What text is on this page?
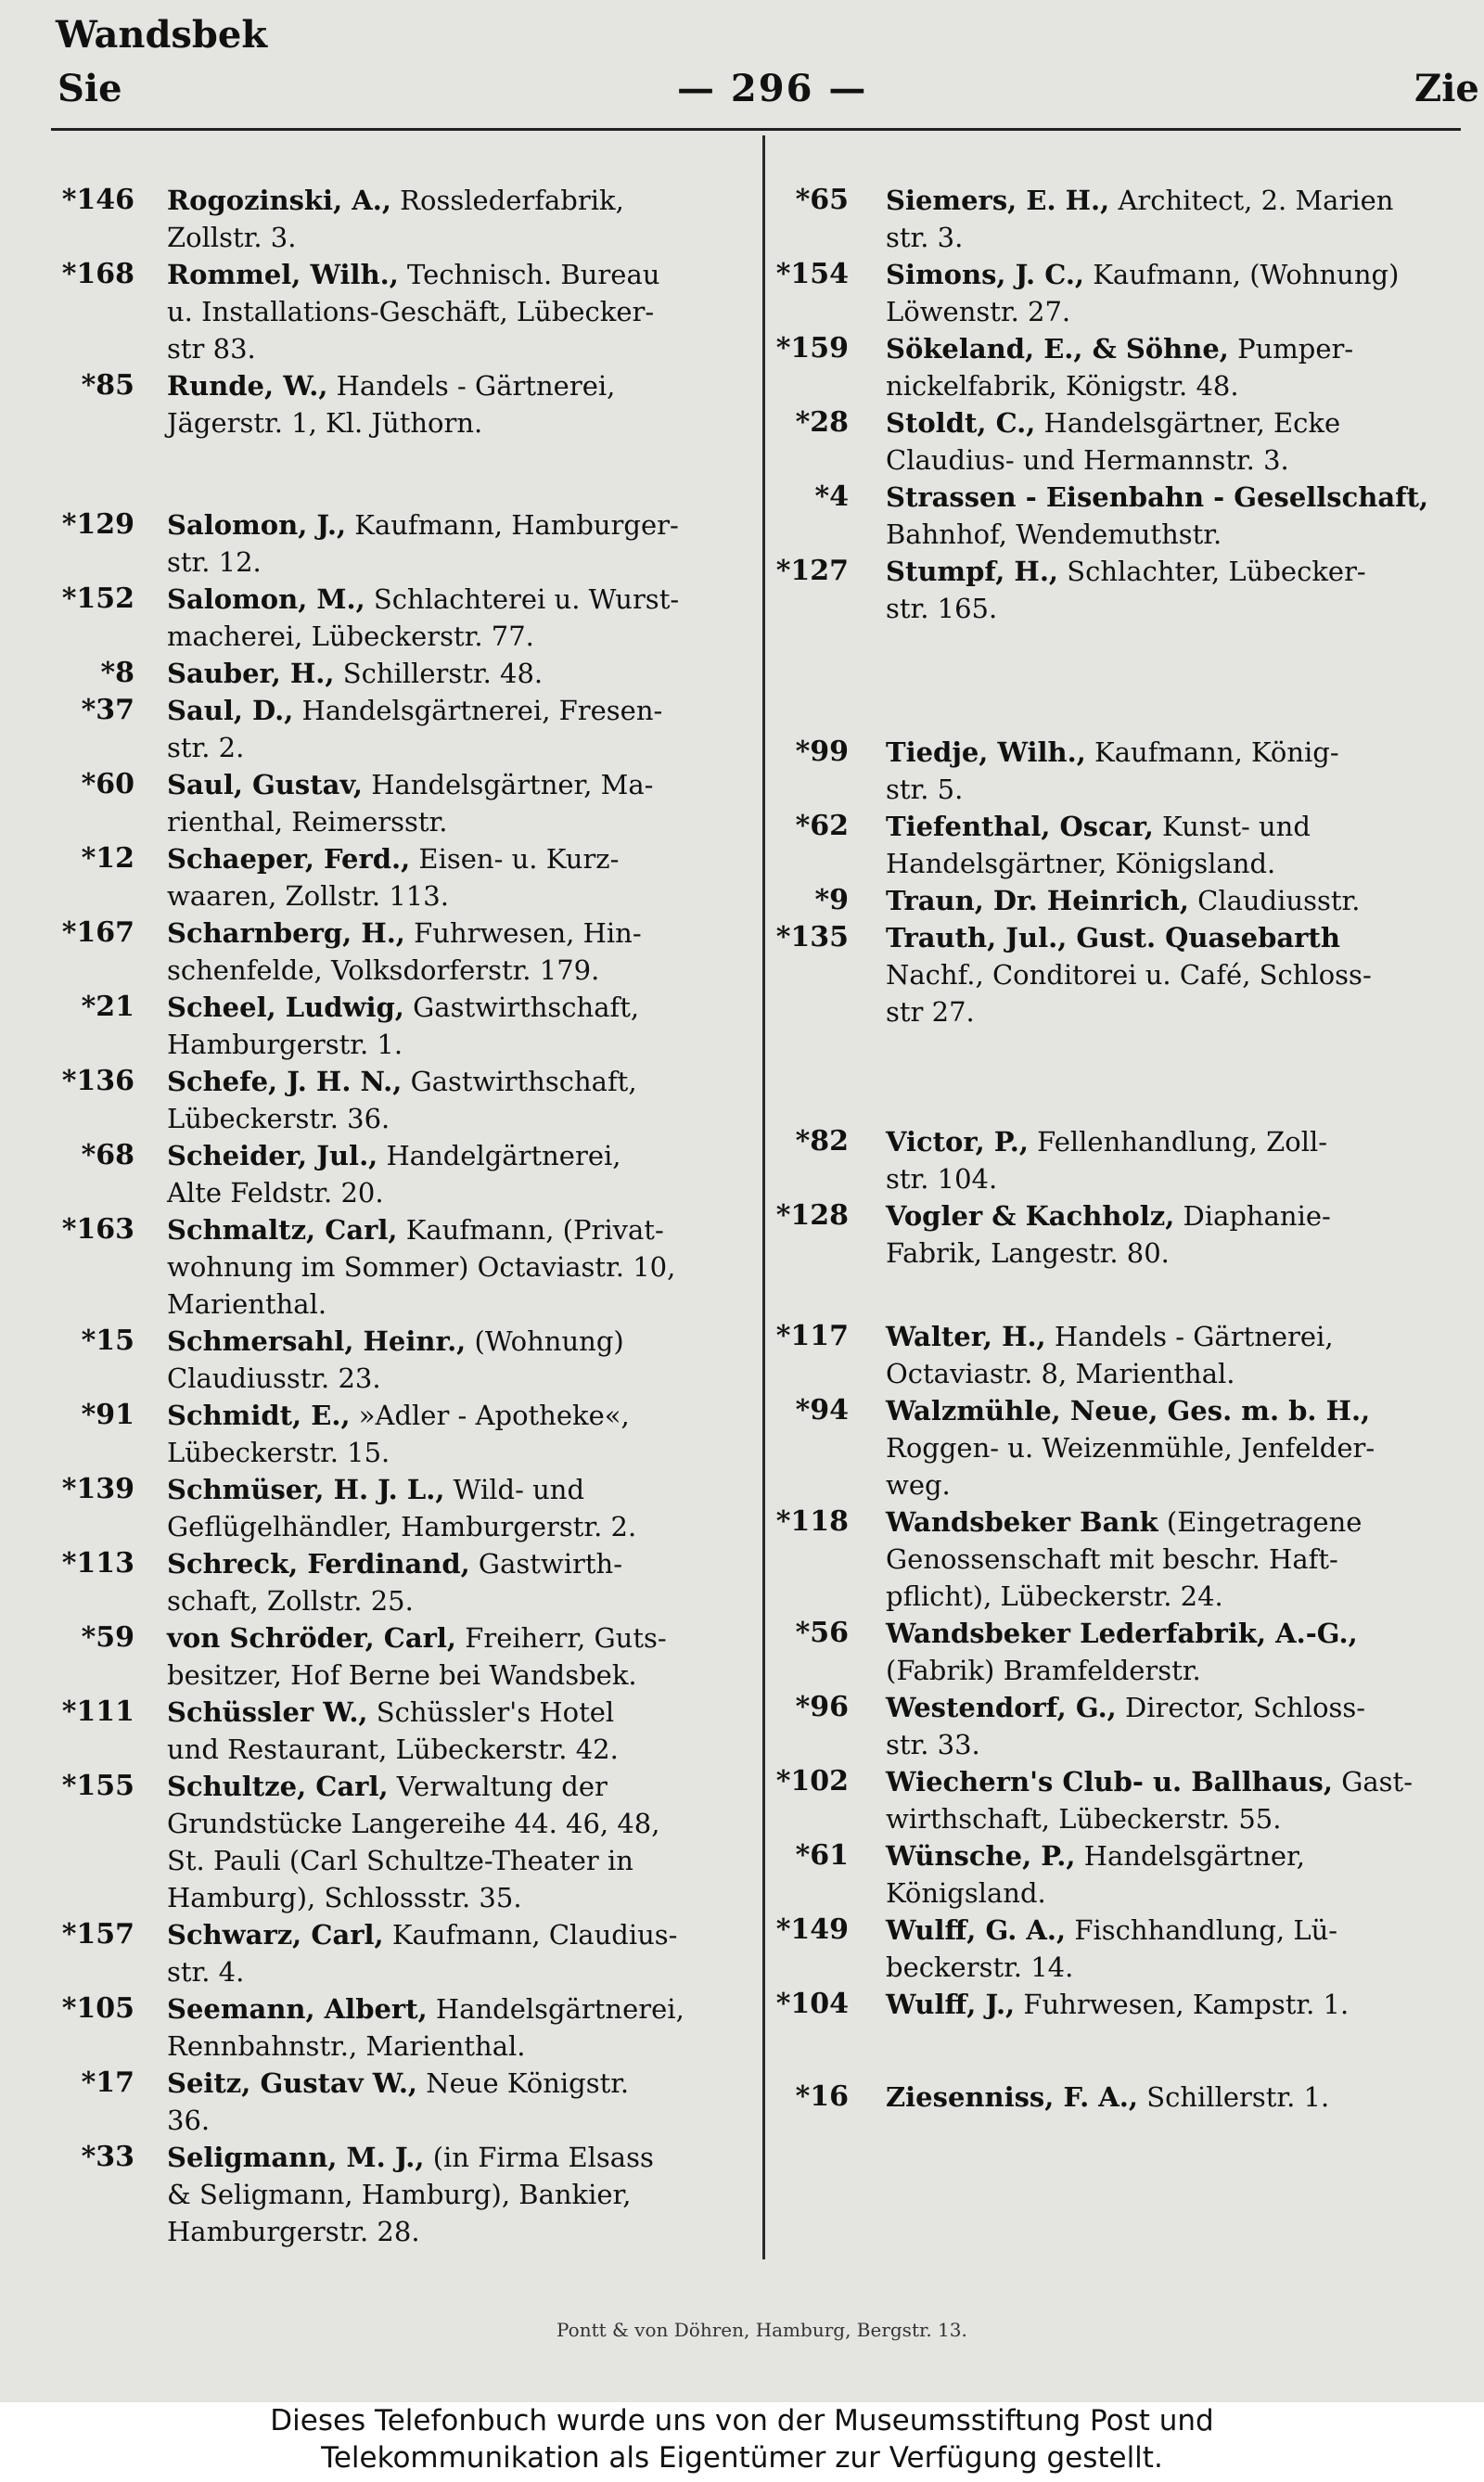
Wandsbek
Sie	— 296 —	Zie
*146 Rogozinski, A., Rosslederfabrik,
Zollstr. 3.
*168 Rommel, Wilh., Technisch. Bureau
u. Installations-Geschäft, Lübecker-
str 83.
*85 Runde, W., Handels - Gärtnerei,
Jägerstr. 1, Kl. Jüthorn.
*129 Salomon, J., Kaufmann, Hamburger-
str. 12.
*152 Salomon, M., Schlachterei u. Wurst-
macherei, Lübeckerstr. 77.
*8 Sauber, H., Schillerstr. 48.
*37 Saul, D., Handelsgärtnerei, Fresen-
str. 2.
*60 Saul, Gustav, Handelsgärtner, Ma-
rienthal, Reimersstr.
*12 Schaeper, Ferd., Eisen- u. Kurz-
waaren, Zollstr. 113.
*167 Scharnberg, H., Fuhrwesen, Hin-
schenfelde, Volksdorferstr. 179.
*21 Scheel, Ludwig, Gastwirthschaft,
Hamburgerstr. 1.
*136 Schefe, J. H. N., Gastwirthschaft,
Lübeckerstr. 36.
*68 Scheider, Jul., Handelgärtnerei,
Alte Feldstr. 20.
*163 Schmaltz, Carl, Kaufmann, (Privat-
wohnung im Sommer) Octaviastr. 10,
Marienthal.
*15 Schmersahl, Heinr., (Wohnung)
Claudiusstr. 23.
*91 Schmidt, E., »Adler - Apotheke«,
Lübeckerstr. 15.
*139 Schmüser, H. J. L., Wild- und
Geflügelhändler, Hamburgerstr. 2.
*113 Schreck, Ferdinand, Gastwirth-
schaft, Zollstr. 25.
*59 von Schröder, Carl, Freiherr, Guts-
besitzer, Hof Berne bei Wandsbek.
*111 Schüssler W., Schüssler's Hotel
und Restaurant, Lübeckerstr. 42.
*155 Schultze, Carl, Verwaltung der
Grundstücke Langereihe 44. 46, 48,
St. Pauli (Carl Schultze-Theater in
Hamburg), Schlossstr. 35.
*157 Schwarz, Carl, Kaufmann, Claudius-
str. 4.
*105 Seemann, Albert, Handelsgärtnerei,
Rennbahnstr., Marienthal.
*17 Seitz, Gustav W., Neue Königstr.
36.
*33 Seligmann, M. J., (in Firma Elsass
& Seligmann, Hamburg), Bankier,
Hamburgerstr. 28.
*65 Siemers, E. H., Architect, 2. Marien
str. 3.
*154 Simons, J. C., Kaufmann, (Wohnung)
Löwenstr. 27.
*159 Sökeland, E., & Söhne, Pumper-
nickelfabrik, Königstr. 48.
*28 Stoldt, C., Handelsgärtner, Ecke
Claudius- und Hermannstr. 3.
*4 Strassen - Eisenbahn - Gesellschaft,
Bahnhof, Wendemuthstr.
*127 Stumpf, H., Schlachter, Lübecker-
str. 165.
*99 Tiedje, Wilh., Kaufmann, König-
str. 5.
*62 Tiefenthal, Oscar, Kunst- und
Handelsgärtner, Königsland.
*9 Traun, Dr. Heinrich, Claudiusstr.
*135 Trauth, Jul., Gust. Quasebarth
Nachf., Conditorei u. Café, Schloss-
str 27.
*82 Victor, P., Fellenhandlung, Zoll-
str. 104.
*128 Vogler & Kachholz, Diaphanie-
Fabrik, Langestr. 80.
*117 Walter, H., Handels - Gärtnerei,
Octaviastr. 8, Marienthal.
*94 Walzmühle, Neue, Ges. m. b. H.,
Roggen- u. Weizenmühle, Jenfelder-
weg.
*118 Wandsbeker Bank (Eingetragene
Genossenschaft mit beschr. Haft-
pflicht), Lübeckerstr. 24.
*56 Wandsbeker Lederfabrik, A.-G.,
(Fabrik) Bramfelderstr.
*96 Westendorf, G., Director, Schloss-
str. 33.
*102 Wiechern's Club- u. Ballhaus, Gast-
wirthschaft, Lübeckerstr. 55.
*61 Wünsche, P., Handelsgärtner,
Königsland.
*149 Wulff, G. A., Fischhandlung, Lü-
beckerstr. 14.
*104 Wulff, J., Fuhrwesen, Kampstr. 1.
*16 Ziesenniss, F. A., Schillerstr. 1.
Pontt & von Döhren, Hamburg, Bergstr. 13.
Dieses Telefonbuch wurde uns von der Museumsstiftung Post und
Telekommunikation als Eigentümer zur Verfügung gestellt.
